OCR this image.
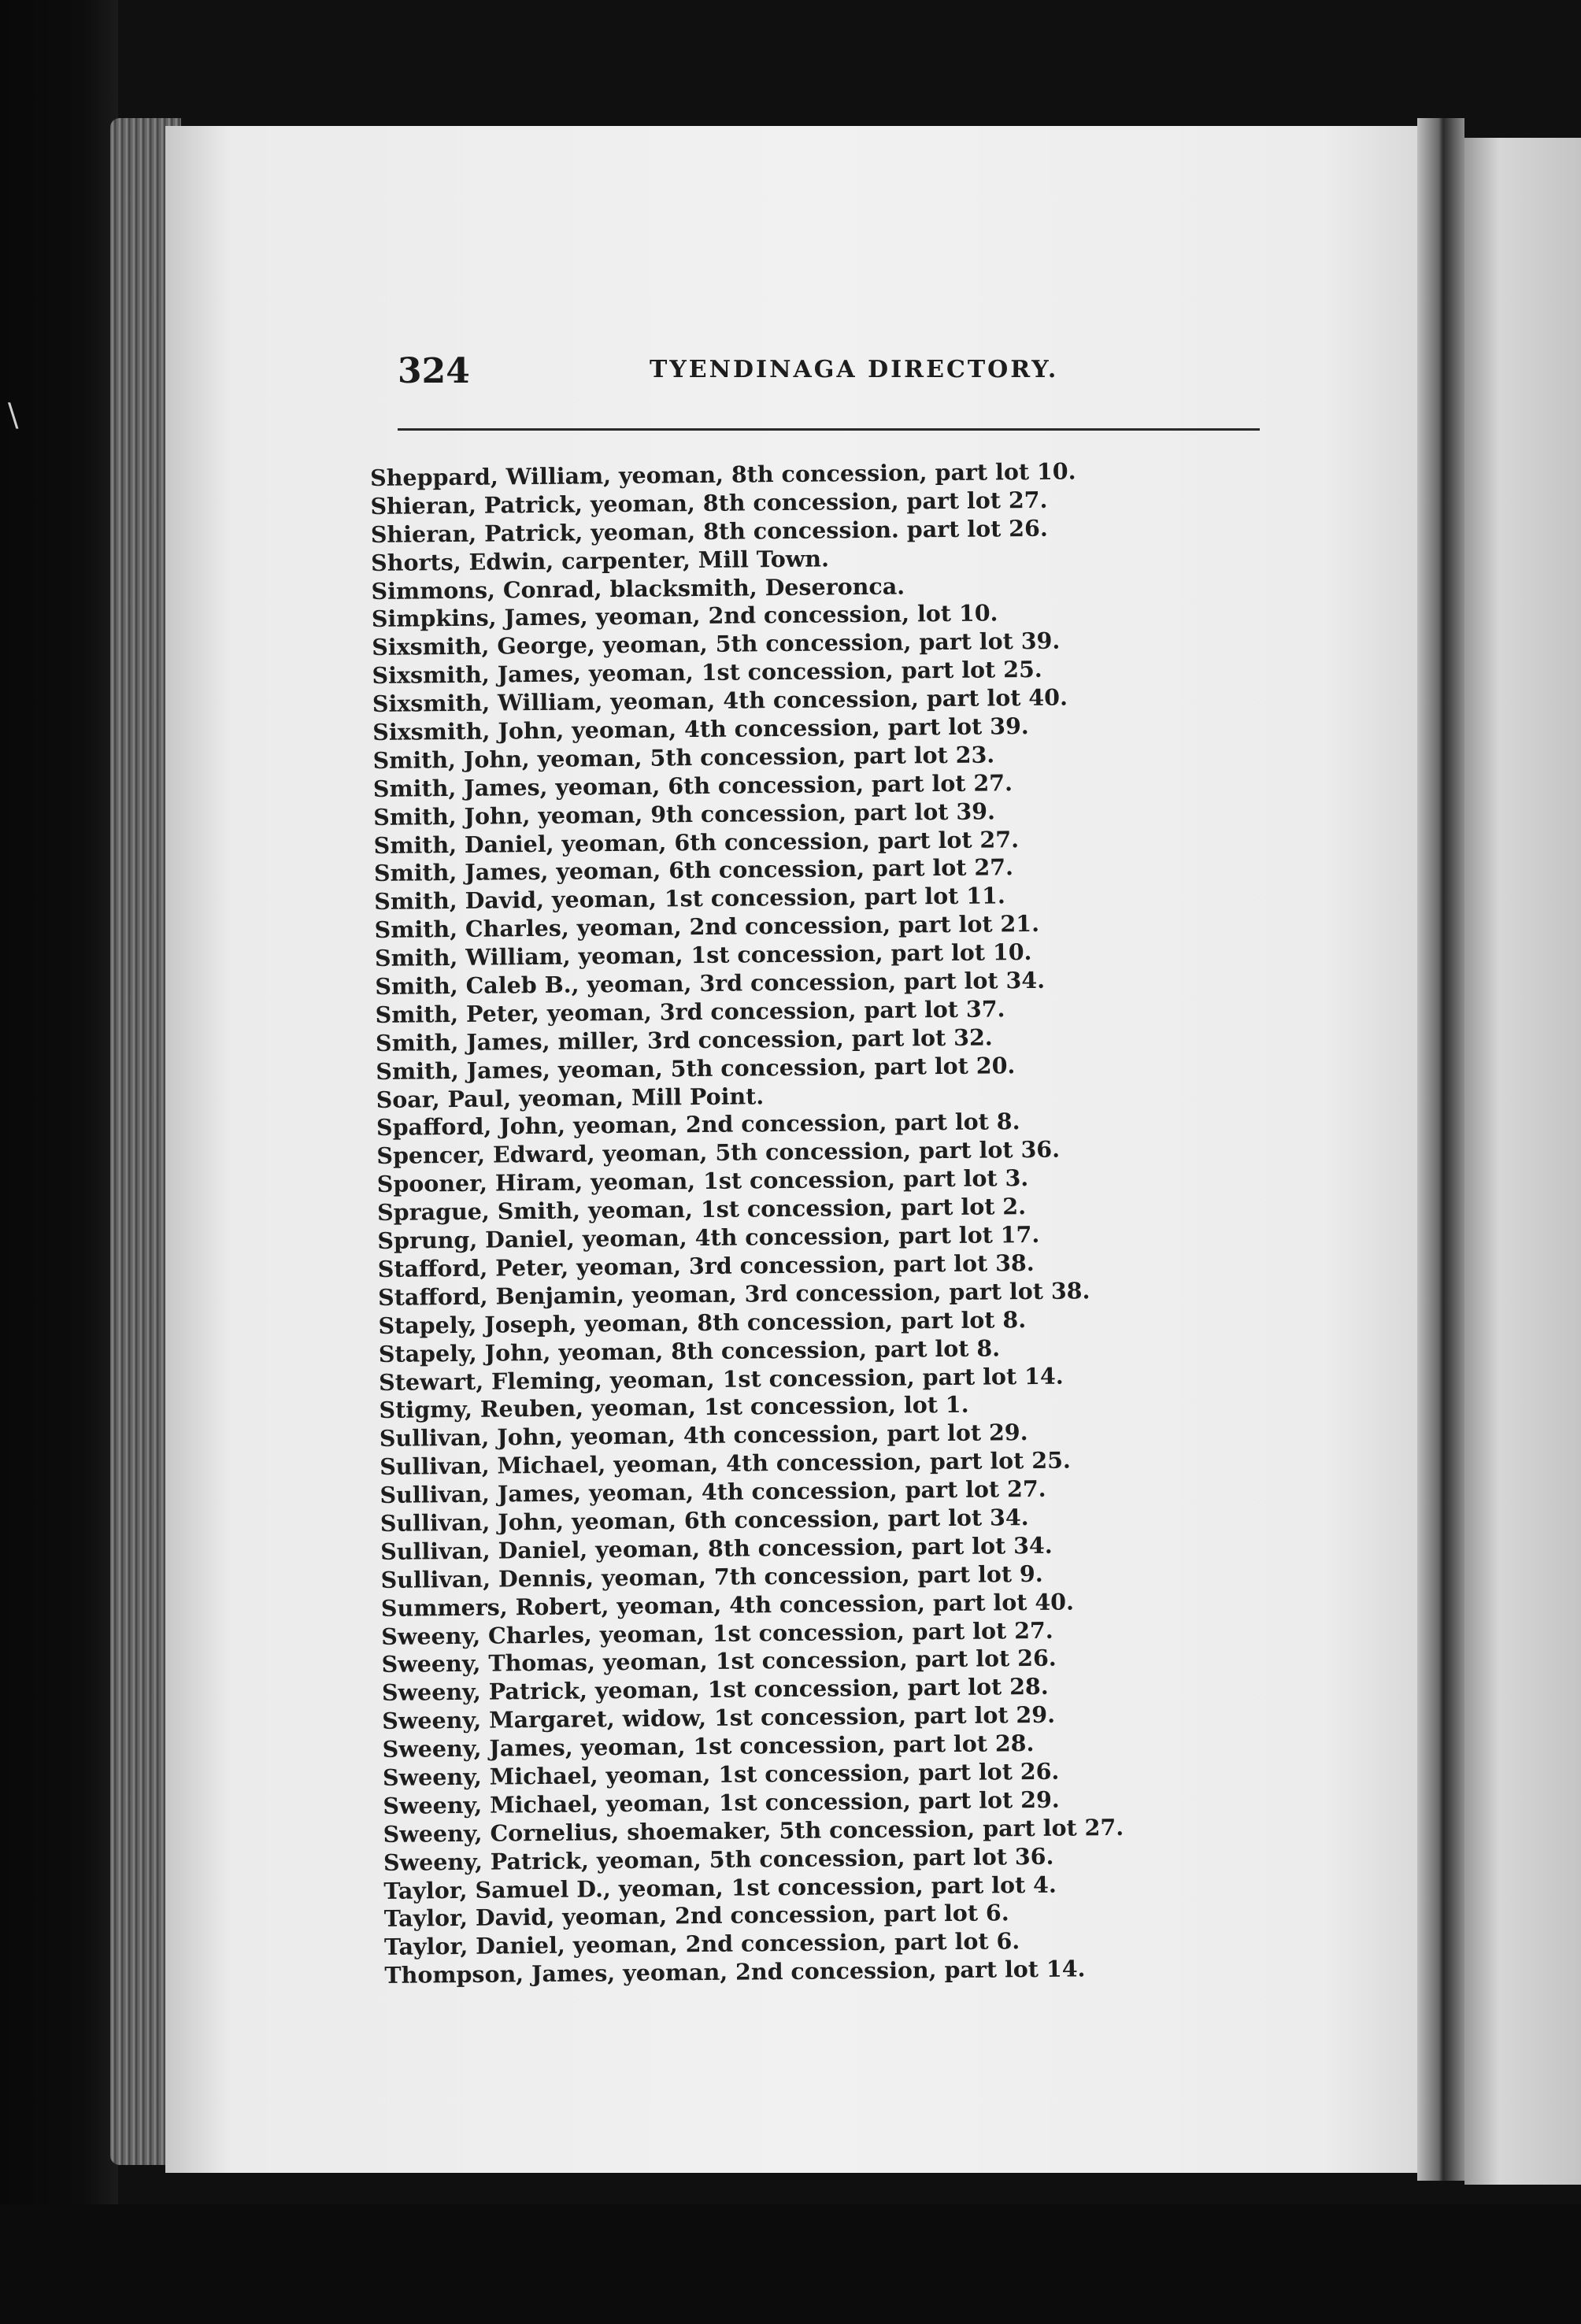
\
324	TYENDINAGA DIRECTORY.
Sheppard, William, yeoman, 8th concession, part lot 10.
Shieran, Patrick, yeoman, 8th concession, part lot 27.
Shieran, Patrick, yeoman, 8th concession. part lot 26.
Shorts, Edwin, carpenter, Mill Town.
Simmons, Conrad, blacksmith, Deseronca.
Simpkins, James, yeoman, 2nd concession, lot 10.
Sixsmith, George, yeoman, 5th concession, part lot 39.
Sixsmith, James, yeoman, 1st concession, part lot 25.
Sixsmith, William, yeoman, 4th concession, part lot 40.
Sixsmith, John, yeoman, 4th concession, part lot 39.
Smith, John, yeoman, 5th concession, part lot 23.
Smith, James, yeoman, 6th concession, part lot 27.
Smith, John, yeoman, 9th concession, part lot 39.
Smith, Daniel, yeoman, 6th concession, part lot 27.
Smith, James, yeoman, 6th concession, part lot 27.
Smith, David, yeoman, 1st concession, part lot 11.
Smith, Charles, yeoman, 2nd concession, part lot 21.
Smith, William, yeoman, 1st concession, part lot 10.
Smith, Caleb B., yeoman, 3rd concession, part lot 34.
Smith, Peter, yeoman, 3rd concession, part lot 37.
Smith, James, miller, 3rd concession, part lot 32.
Smith, James, yeoman, 5th concession, part lot 20.
Soar, Paul, yeoman, Mill Point.
Spafford, John, yeoman, 2nd concession, part lot 8.
Spencer, Edward, yeoman, 5th concession, part lot 36.
Spooner, Hiram, yeoman, 1st concession, part lot 3.
Sprague, Smith, yeoman, 1st concession, part lot 2.
Sprung, Daniel, yeoman, 4th concession, part lot 17.
Stafford, Peter, yeoman, 3rd concession, part lot 38.
Stafford, Benjamin, yeoman, 3rd concession, part lot 38.
Stapely, Joseph, yeoman, 8th concession, part lot 8.
Stapely, John, yeoman, 8th concession, part lot 8.
Stewart, Fleming, yeoman, 1st concession, part lot 14.
Stigmy, Reuben, yeoman, 1st concession, lot 1.
Sullivan, John, yeoman, 4th concession, part lot 29.
Sullivan, Michael, yeoman, 4th concession, part lot 25.
Sullivan, James, yeoman, 4th concession, part lot 27.
Sullivan, John, yeoman, 6th concession, part lot 34.
Sullivan, Daniel, yeoman, 8th concession, part lot 34.
Sullivan, Dennis, yeoman, 7th concession, part lot 9.
Summers, Robert, yeoman, 4th concession, part lot 40.
Sweeny, Charles, yeoman, 1st concession, part lot 27.
Sweeny, Thomas, yeoman, 1st concession, part lot 26.
Sweeny, Patrick, yeoman, 1st concession, part lot 28.
Sweeny, Margaret, widow, 1st concession, part lot 29.
Sweeny, James, yeoman, 1st concession, part lot 28.
Sweeny, Michael, yeoman, 1st concession, part lot 26.
Sweeny, Michael, yeoman, 1st concession, part lot 29.
Sweeny, Cornelius, shoemaker, 5th concession, part lot 27.
Sweeny, Patrick, yeoman, 5th concession, part lot 36.
Taylor, Samuel D., yeoman, 1st concession, part lot 4.
Taylor, David, yeoman, 2nd concession, part lot 6.
Taylor, Daniel, yeoman, 2nd concession, part lot 6.
Thompson, James, yeoman, 2nd concession, part lot 14.
